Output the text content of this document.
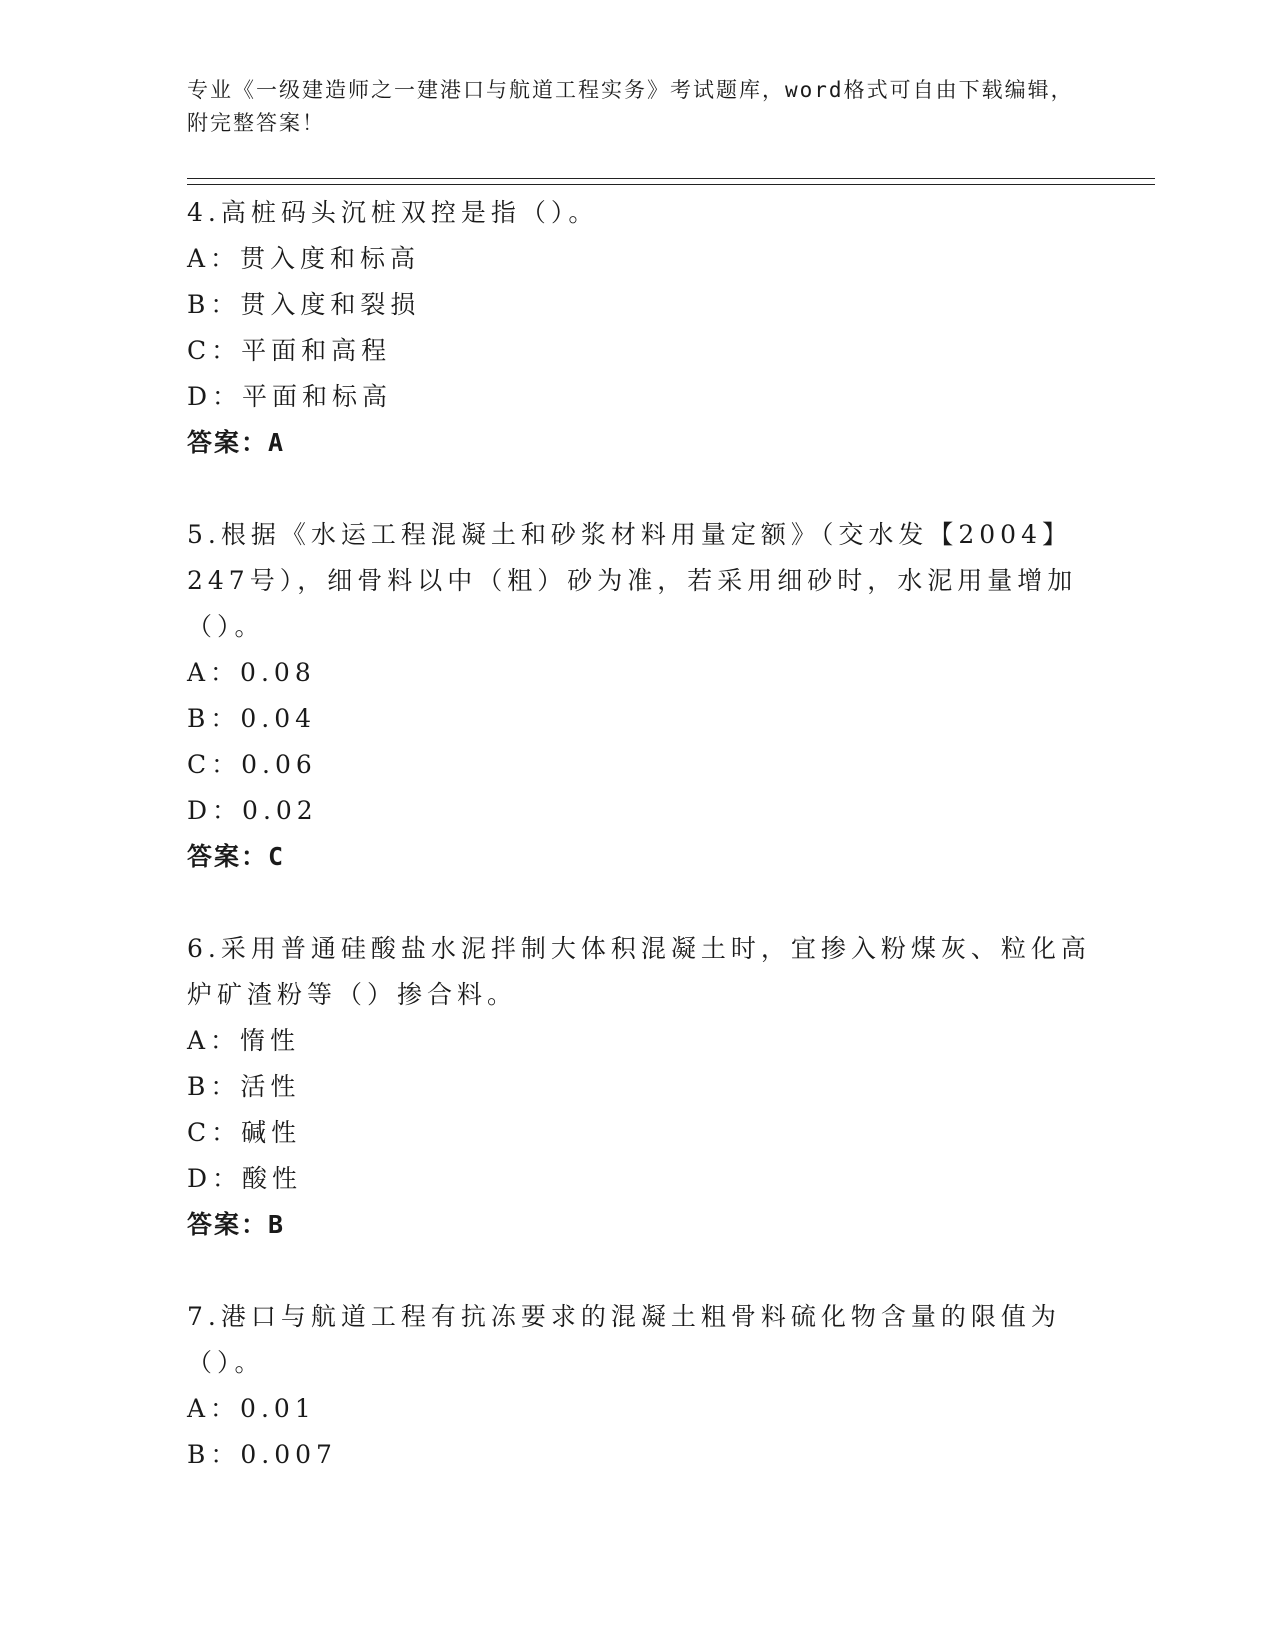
专业《一级建造师之一建港口与航道工程实务》考试题库，word格式可自由下载编辑，附完整答案！

4.高桩码头沉桩双控是指（）。

A：贯入度和标高

B：贯入度和裂损

C：平面和高程

D：平面和标高

答案：A

5.根据《水运工程混凝土和砂浆材料用量定额》（交水发【2004】247号），细骨料以中（粗）砂为准，若采用细砂时，水泥用量增加（）。

A：0.08

B：0.04

C：0.06

D：0.02

答案：C

6.采用普通硅酸盐水泥拌制大体积混凝土时，宜掺入粉煤灰、粒化高炉矿渣粉等（）掺合料。

A：惰性

B：活性

C：碱性

D：酸性

答案：B

7.港口与航道工程有抗冻要求的混凝土粗骨料硫化物含量的限值为（）。

A：0.01

B：0.007
